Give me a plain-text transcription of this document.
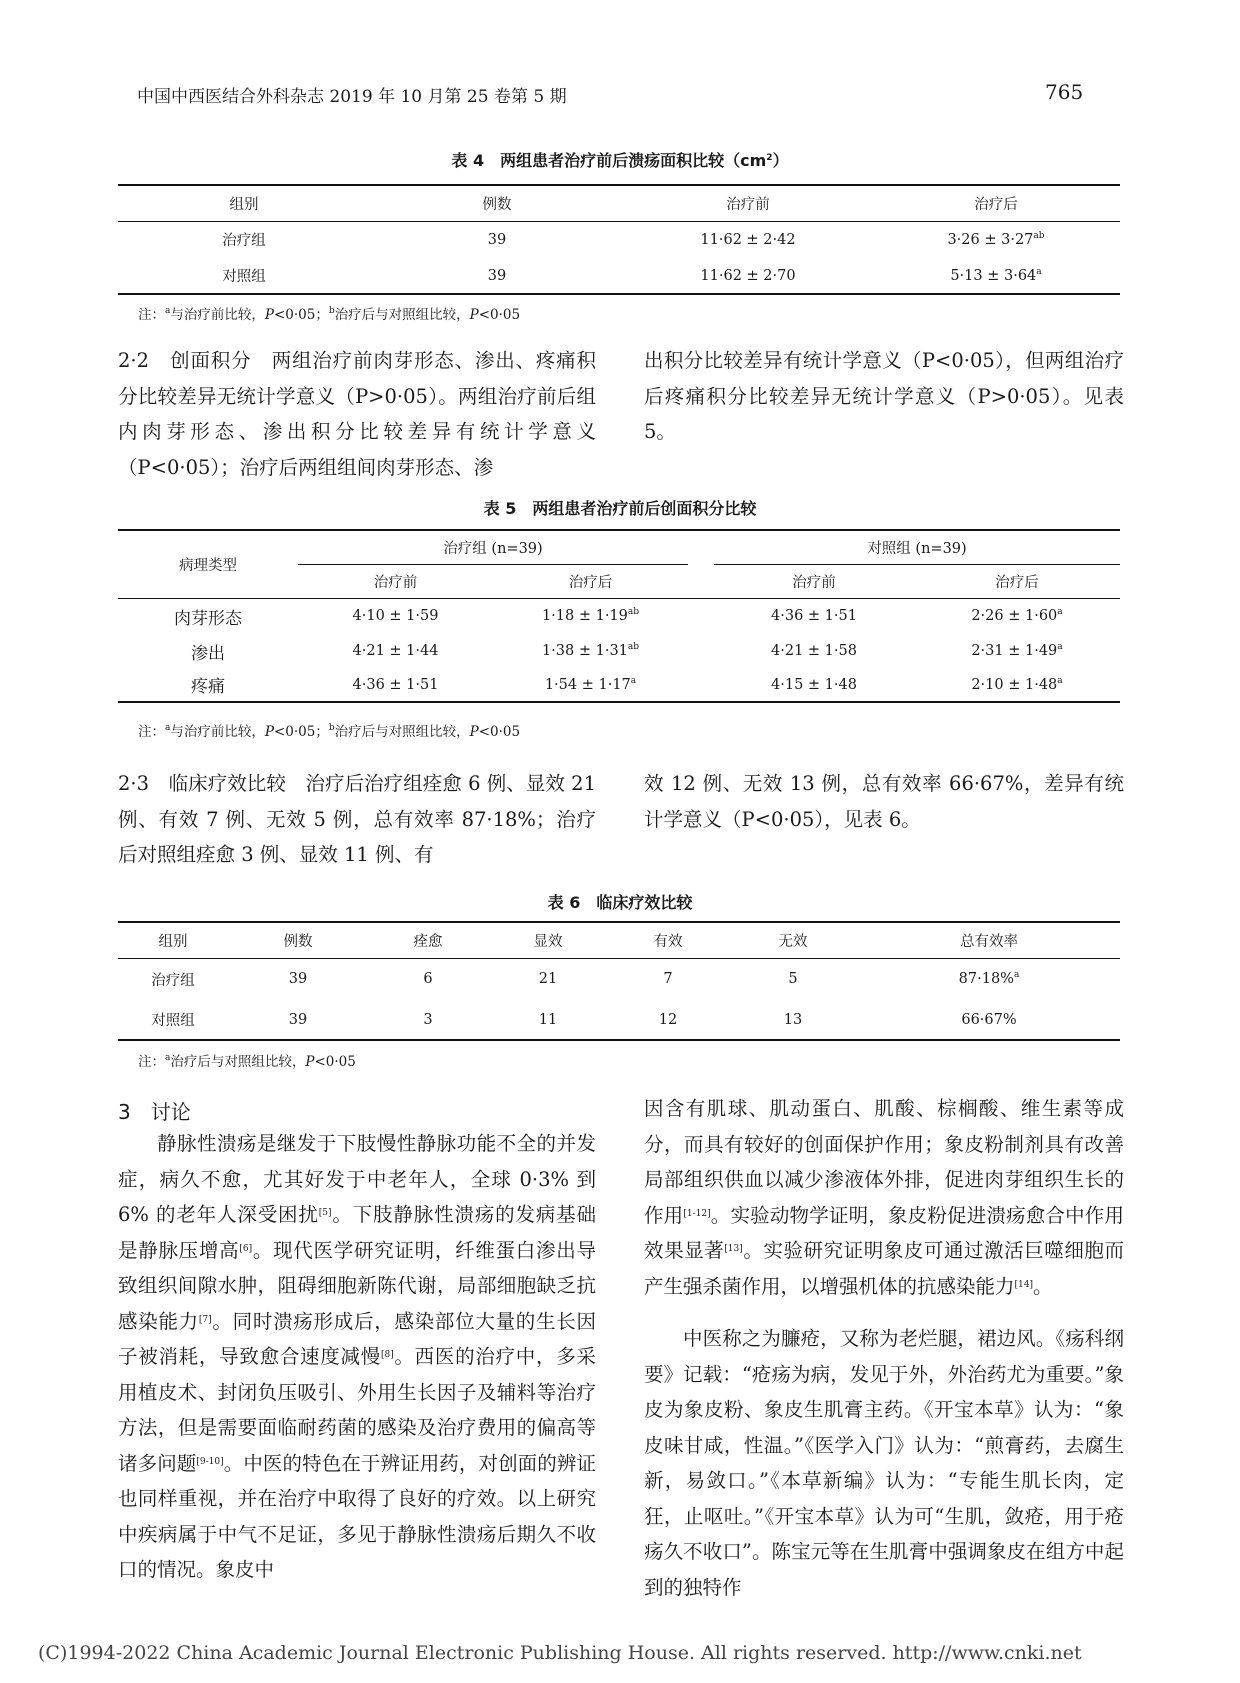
中国中西医结合外科杂志 2019 年 10 月第 25 卷第 5 期	765
表 4　两组患者治疗前后溃疡面积比较$(cm^2)$
组别	例数	治疗前	治疗后
治疗组	39	11·62 ± 2·42	$3\cdot 26 \pm 3\cdot 27^{ab}$
对照组	39	11·62 ± 2·70	$5\cdot 13 \pm 3\cdot 64^a$
注：$^a$与治疗前比较，P<0·05；$^b$治疗后与对照组比较，P<0·05
2·2　创面积分　 两组治疗前肉芽形态、渗出、疼痛积分比较差异无统计学意义（P>0·05）。两组治疗前后组内肉芽形态、渗出积分比较差异有统计学意义（P<0·05）；治疗后两组组间肉芽形态、渗
出积分比较差异有统计学意义（P<0·05），但两组治疗后疼痛积分比较差异无统计学意义（P>0·05）。见表 5。
表 5　两组患者治疗前后创面积分比较
病理类型	治疗组 (n=39)			对照组 (n=39)	
	治疗前	治疗后		治疗前	治疗后
肉芽形态	4·10 ± 1·59	$1\cdot 18 \pm 1\cdot 19^{ab}$		4·36 ± 1·51	$2\cdot 26 \pm 1\cdot 60^a$
渗出	4·21 ± 1·44	$1\cdot 38 \pm 1\cdot 31^{ab}$		4·21 ± 1·58	$2\cdot 31 \pm 1\cdot 49^a$
疼痛	4·36 ± 1·51	$1\cdot 54 \pm 1\cdot 17^a$		4·15 ± 1·48	$2\cdot 10 \pm 1\cdot 48^a$
注：$^a$与治疗前比较，P<0·05；$^b$治疗后与对照组比较，P<0·05
2·3　临床疗效比较　 治疗后治疗组痊愈 6 例、显效 21 例、有效 7 例、无效 5 例，总有效率 87·18%；治疗后对照组痊愈 3 例、显效 11 例、有
效 12 例、无效 13 例，总有效率 66·67%，差异有统计学意义（P<0·05），见表 6。
表 6　临床疗效比较
组别	例数	痊愈	显效	有效	无效	总有效率
治疗组	39	6	21	7	5	87·18%$^a$
对照组	39	3	11	12	13	66·67%
注：$^a$治疗后与对照组比较，P<0·05
3　讨论
静脉性溃疡是继发于下肢慢性静脉功能不全的并发症，病久不愈，尤其好发于中老年人，全球 0·3% 到 6% 的老年人深受困扰[5]。下肢静脉性溃疡的发病基础是静脉压增高[6]。现代医学研究证明，纤维蛋白渗出导致组织间隙水肿，阻碍细胞新陈代谢，局部细胞缺乏抗感染能力[7]。同时溃疡形成后，感染部位大量的生长因子被消耗，导致愈合速度减慢[8]。西医的治疗中，多采用植皮术、封闭负压吸引、外用生长因子及辅料等治疗方法，但是需要面临耐药菌的感染及治疗费用的偏高等诸多问题[9-10]。中医的特色在于辨证用药，对创面的辨证也同样重视，并在治疗中取得了良好的疗效。以上研究中疾病属于中气不足证，多见于静脉性溃疡后期久不收口的情况。象皮中
因含有肌球、肌动蛋白、肌酸、棕榈酸、维生素等成分，而具有较好的创面保护作用；象皮粉制剂具有改善局部组织供血以减少渗液体外排，促进肉芽组织生长的作用[1-12]。实验动物学证明，象皮粉促进溃疡愈合中作用效果显著[13]。实验研究证明象皮可通过激活巨噬细胞而产生强杀菌作用，以增强机体的抗感染能力[14]。
中医称之为臁疮，又称为老烂腿，裙边风。《疡科纲要》记载：“疮疡为病，发见于外，外治药尤为重要。”象皮为象皮粉、象皮生肌膏主药。《开宝本草》认为：“象皮味甘咸，性温。”《医学入门》认为：“煎膏药，去腐生新，易敛口。”《本草新编》认为：“专能生肌长肉，定狂，止呕吐。”《开宝本草》认为可“生肌，敛疮，用于疮疡久不收口”。陈宝元等在生肌膏中强调象皮在组方中起到的独特作
(C)1994-2022 China Academic Journal Electronic Publishing House. All rights reserved. http://www.cnki.net
